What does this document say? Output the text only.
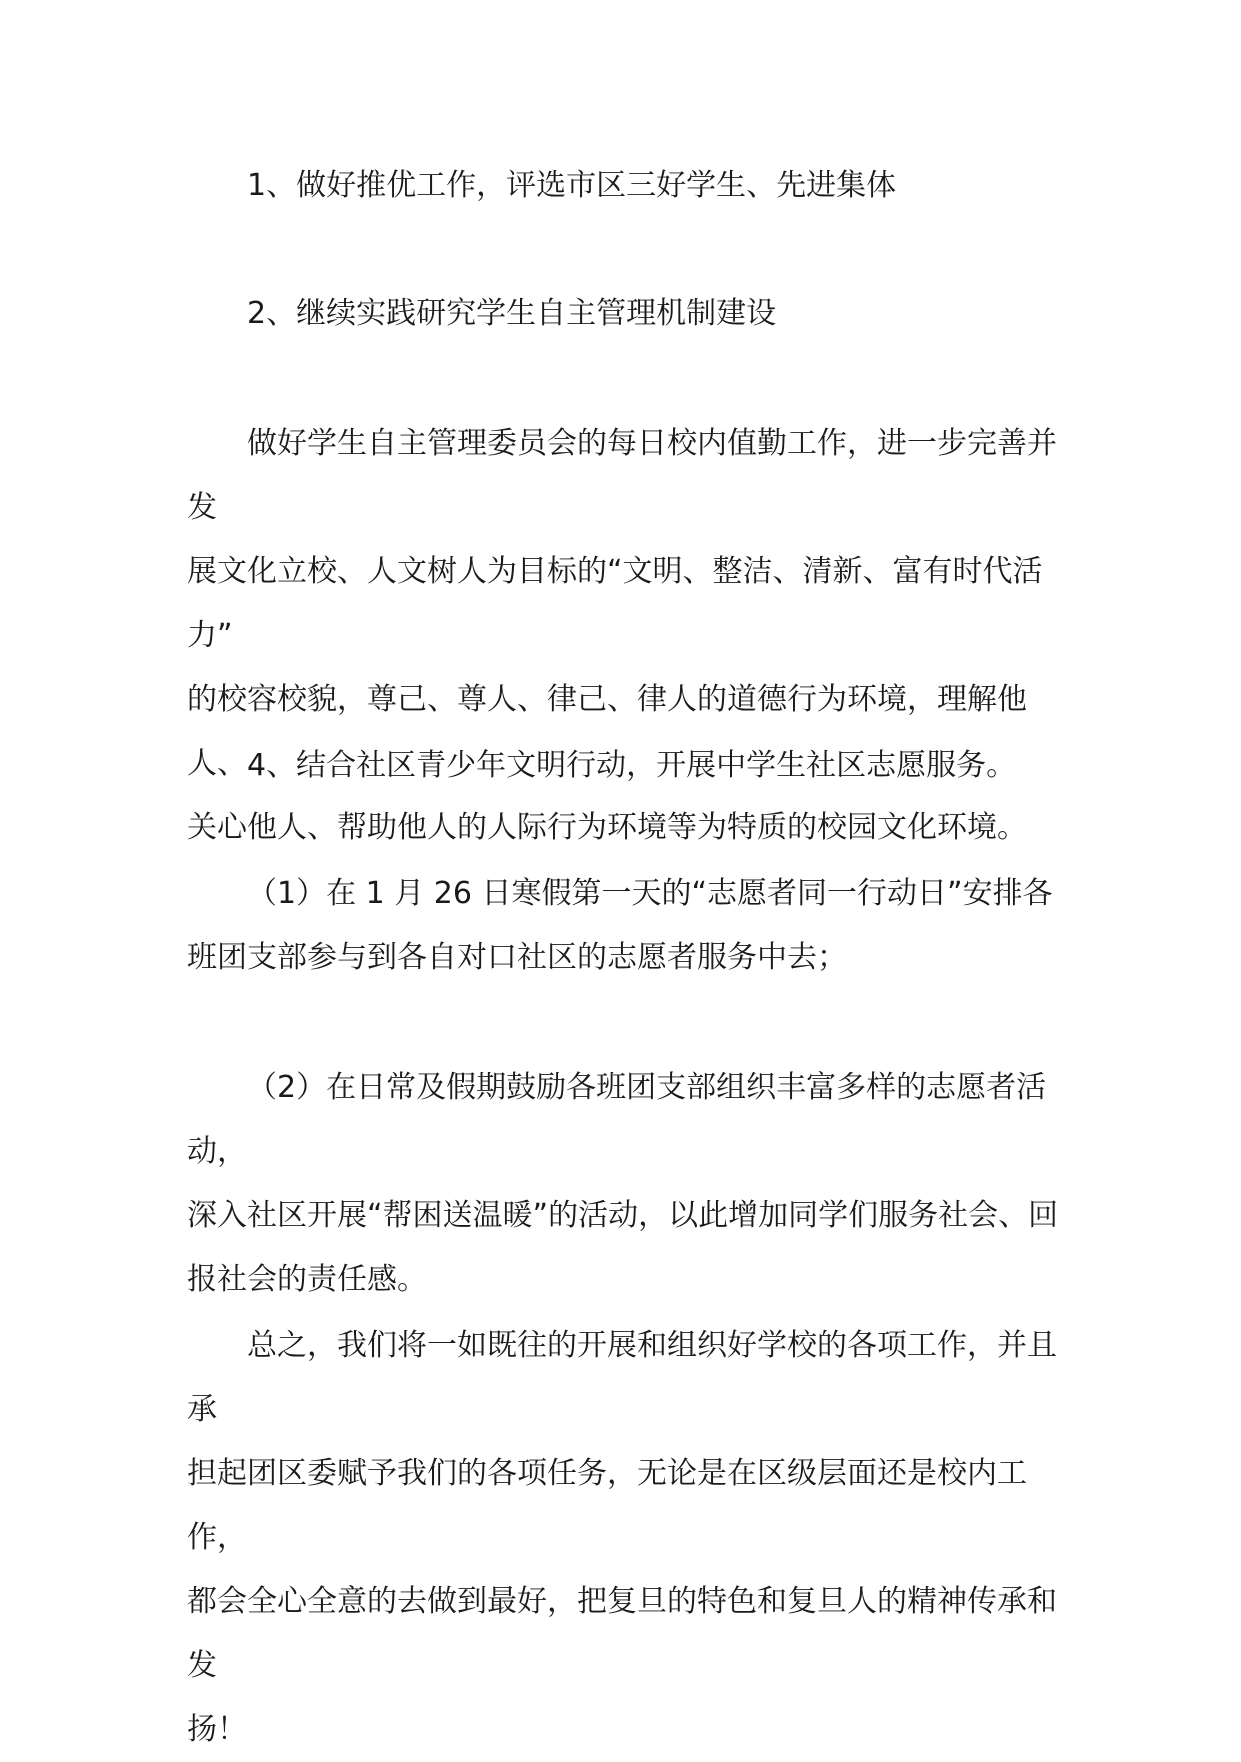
1、做好推优工作，评选市区三好学生、先进集体

2、继续实践研究学生自主管理机制建设

做好学生自主管理委员会的每日校内值勤工作，进一步完善并发
展文化立校、人文树人为目标的“文明、整洁、清新、富有时代活力”
的校容校貌，尊己、尊人、律己、律人的道德行为环境，理解他人、
关心他人、帮助他人的人际行为环境等为特质的校园文化环境。

4、结合社区青少年文明行动，开展中学生社区志愿服务。

（1）在 1 月 26 日寒假第一天的“志愿者同一行动日”安排各
班团支部参与到各自对口社区的志愿者服务中去；

（2）在日常及假期鼓励各班团支部组织丰富多样的志愿者活动，
深入社区开展“帮困送温暖”的活动，以此增加同学们服务社会、回
报社会的责任感。

总之，我们将一如既往的开展和组织好学校的各项工作，并且承
担起团区委赋予我们的各项任务，无论是在区级层面还是校内工作，
都会全心全意的去做到最好，把复旦的特色和复旦人的精神传承和发
扬！
